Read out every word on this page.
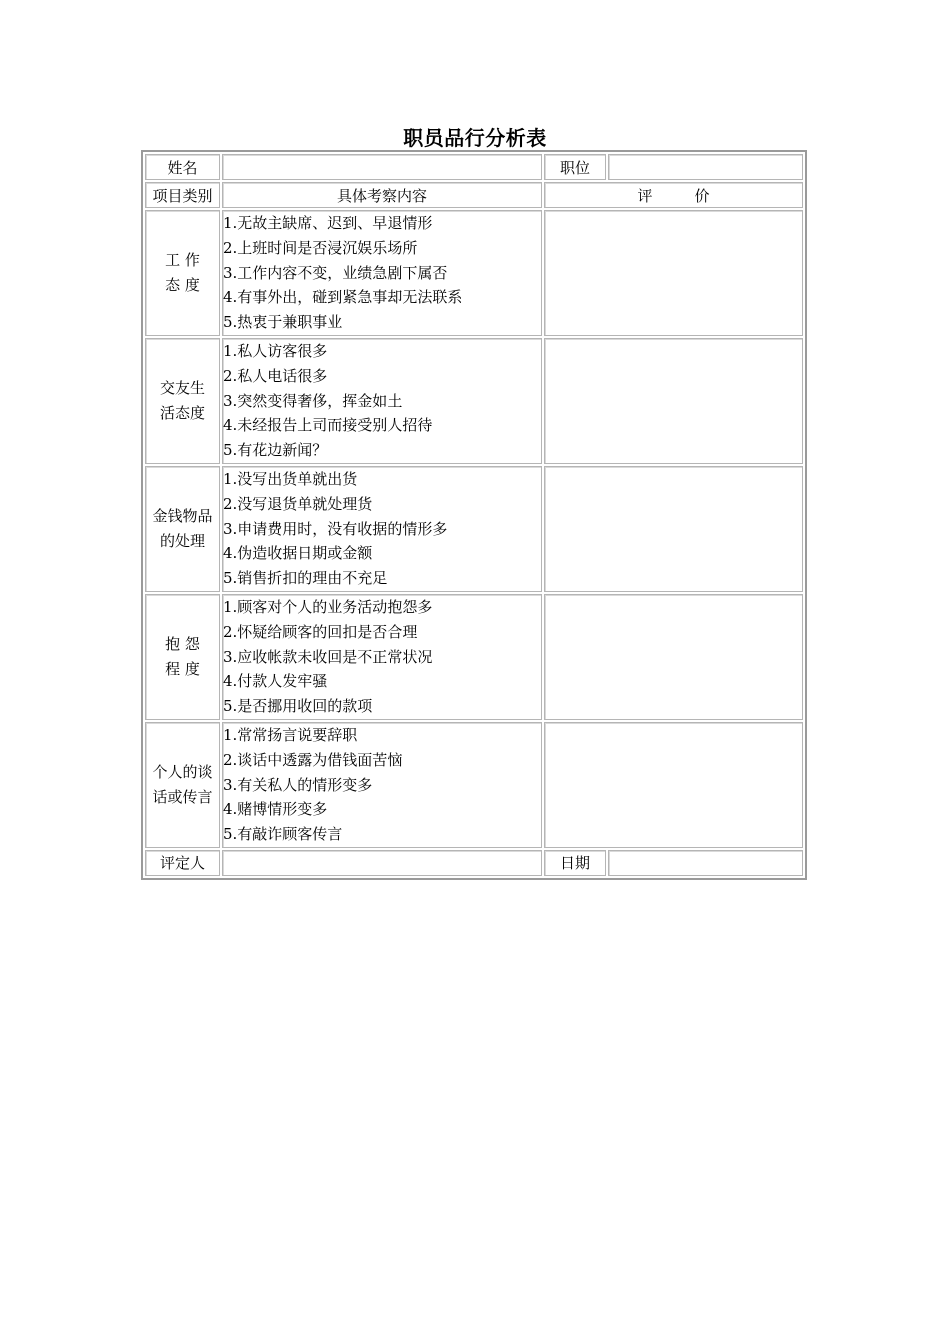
职员品行分析表
姓名		职位	
项目类别	具体考察内容	评 价	
工 作
态 度	1.无故主缺席、迟到、早退情形
2.上班时间是否浸沉娱乐场所
3.工作内容不变，业绩急剧下属否
4.有事外出，碰到紧急事却无法联系
5.热衷于兼职事业		

交友生
活态度	1.私人访客很多
2.私人电话很多
3.突然变得奢侈，挥金如土
4.未经报告上司而接受别人招待
5.有花边新闻？		

金钱物品
的处理	1.没写出货单就出货
2.没写退货单就处理货
3.申请费用时，没有收据的情形多
4.伪造收据日期或金额
5.销售折扣的理由不充足		

抱 怨
程 度	1.顾客对个人的业务活动抱怨多
2.怀疑给顾客的回扣是否合理
3.应收帐款未收回是不正常状况
4.付款人发牢骚
5.是否挪用收回的款项		

个人的谈
话或传言	1.常常扬言说要辞职
2.谈话中透露为借钱面苦恼
3.有关私人的情形变多
4.赌博情形变多
5.有敲诈顾客传言		

评定人		日期	
